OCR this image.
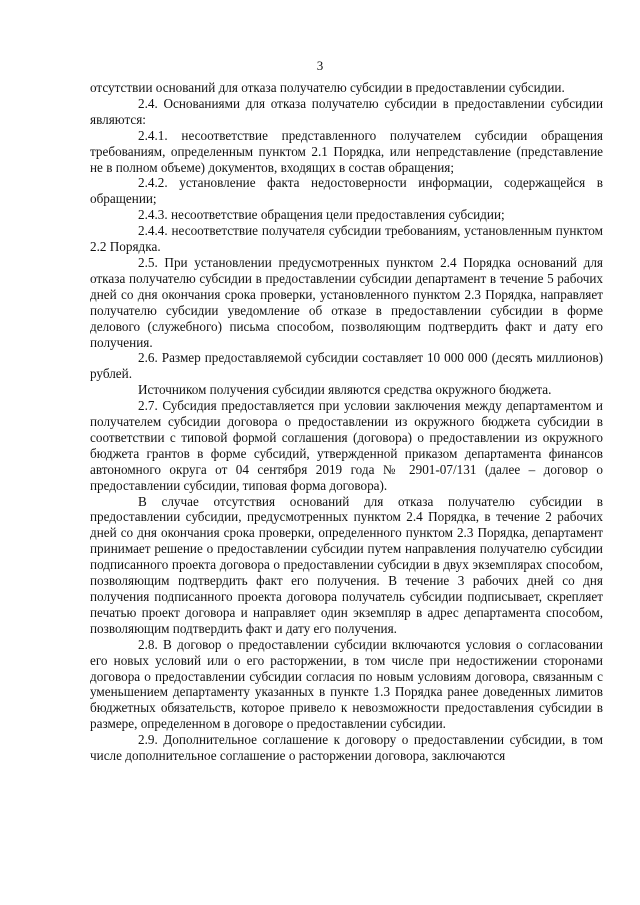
3

отсутствии оснований для отказа получателю субсидии в предоставлении субсидии.

2.4. Основаниями для отказа получателю субсидии в предоставлении субсидии являются:

2.4.1. несоответствие представленного получателем субсидии обращения требованиям, определенным пунктом 2.1 Порядка, или непредставление (представление не в полном объеме) документов, входящих в состав обращения;

2.4.2. установление факта недостоверности информации, содержащейся в обращении;

2.4.3. несоответствие обращения цели предоставления субсидии;

2.4.4. несоответствие получателя субсидии требованиям, установленным пунктом 2.2 Порядка.

2.5. При установлении предусмотренных пунктом 2.4 Порядка оснований для отказа получателю субсидии в предоставлении субсидии департамент в течение 5 рабочих дней со дня окончания срока проверки, установленного пунктом 2.3 Порядка, направляет получателю субсидии уведомление об отказе в предоставлении субсидии в форме делового (служебного) письма способом, позволяющим подтвердить факт и дату его получения.

2.6. Размер предоставляемой субсидии составляет 10 000 000 (десять миллионов) рублей.

Источником получения субсидии являются средства окружного бюджета.

2.7. Субсидия предоставляется при условии заключения между департаментом и получателем субсидии договора о предоставлении из окружного бюджета субсидии в соответствии с типовой формой соглашения (договора) о предоставлении из окружного бюджета грантов в форме субсидий, утвержденной приказом департамента финансов автономного округа от 04 сентября 2019 года № 2901-07/131 (далее – договор о предоставлении субсидии, типовая форма договора).

В случае отсутствия оснований для отказа получателю субсидии в предоставлении субсидии, предусмотренных пунктом 2.4 Порядка, в течение 2 рабочих дней со дня окончания срока проверки, определенного пунктом 2.3 Порядка, департамент принимает решение о предоставлении субсидии путем направления получателю субсидии подписанного проекта договора о предоставлении субсидии в двух экземплярах способом, позволяющим подтвердить факт его получения. В течение 3 рабочих дней со дня получения подписанного проекта договора получатель субсидии подписывает, скрепляет печатью проект договора и направляет один экземпляр в адрес департамента способом, позволяющим подтвердить факт и дату его получения.

2.8. В договор о предоставлении субсидии включаются условия о согласовании его новых условий или о его расторжении, в том числе при недостижении сторонами договора о предоставлении субсидии согласия по новым условиям договора, связанным с уменьшением департаменту указанных в пункте 1.3 Порядка ранее доведенных лимитов бюджетных обязательств, которое привело к невозможности предоставления субсидии в размере, определенном в договоре о предоставлении субсидии.

2.9. Дополнительное соглашение к договору о предоставлении субсидии, в том числе дополнительное соглашение о расторжении договора, заключаются
